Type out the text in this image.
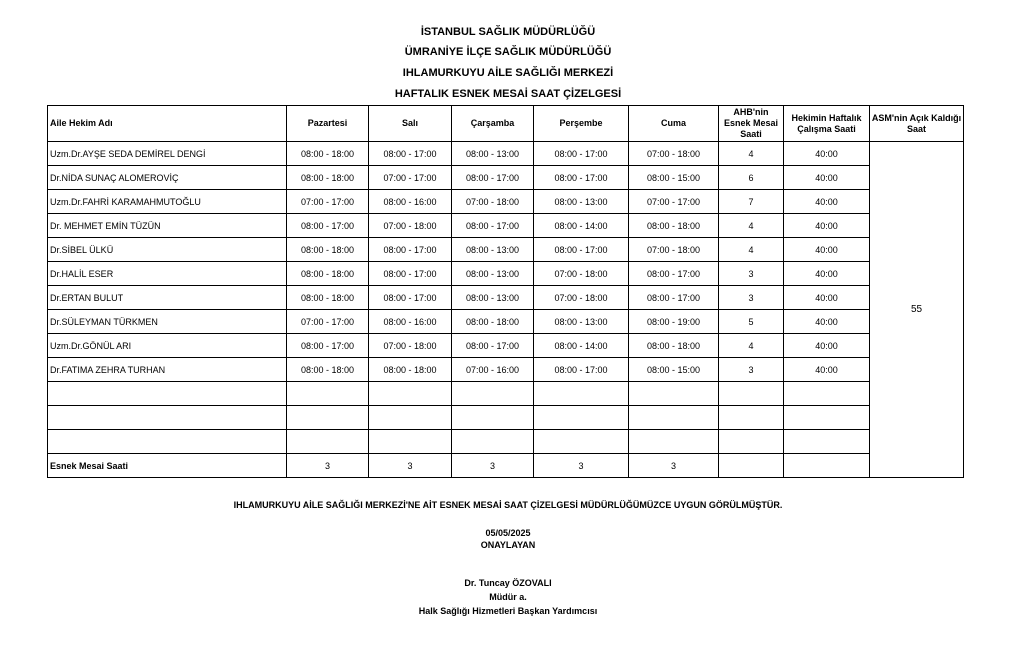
İSTANBUL SAĞLIK MÜDÜRLÜĞÜ
ÜMRANİYE İLÇE SAĞLIK MÜDÜRLÜĞÜ
IHLAMURKUYU AİLE SAĞLIĞI MERKEZİ
HAFTALIK ESNEK MESAİ SAAT ÇİZELGESİ
Aile Hekim Adı	Pazartesi	Salı	Çarşamba	Perşembe	Cuma	AHB'nin Esnek Mesai Saati	Hekimin Haftalık Çalışma Saati	ASM'nin Açık Kaldığı Saat
Uzm.Dr.AYŞE SEDA DEMİREL DENGİ	08:00 - 18:00	08:00 - 17:00	08:00 - 13:00	08:00 - 17:00	07:00 - 18:00	4	40:00	55
Dr.NİDA SUNAÇ ALOMEROVİÇ	08:00 - 18:00	07:00 - 17:00	08:00 - 17:00	08:00 - 17:00	08:00 - 15:00	6	40:00	
Uzm.Dr.FAHRİ KARAMAHMUTOĞLU	07:00 - 17:00	08:00 - 16:00	07:00 - 18:00	08:00 - 13:00	07:00 - 17:00	7	40:00	
Dr. MEHMET EMİN TÜZÜN	08:00 - 17:00	07:00 - 18:00	08:00 - 17:00	08:00 - 14:00	08:00 - 18:00	4	40:00	
Dr.SİBEL ÜLKÜ	08:00 - 18:00	08:00 - 17:00	08:00 - 13:00	08:00 - 17:00	07:00 - 18:00	4	40:00	
Dr.HALİL ESER	08:00 - 18:00	08:00 - 17:00	08:00 - 13:00	07:00 - 18:00	08:00 - 17:00	3	40:00	
Dr.ERTAN BULUT	08:00 - 18:00	08:00 - 17:00	08:00 - 13:00	07:00 - 18:00	08:00 - 17:00	3	40:00	
Dr.SÜLEYMAN TÜRKMEN	07:00 - 17:00	08:00 - 16:00	08:00 - 18:00	08:00 - 13:00	08:00 - 19:00	5	40:00	
Uzm.Dr.GÖNÜL ARI	08:00 - 17:00	07:00 - 18:00	08:00 - 17:00	08:00 - 14:00	08:00 - 18:00	4	40:00	
Dr.FATIMA ZEHRA TURHAN	08:00 - 18:00	08:00 - 18:00	07:00 - 16:00	08:00 - 17:00	08:00 - 15:00	3	40:00	

Esnek Mesai Saati	3	3	3	3	3			
IHLAMURKUYU AİLE SAĞLIĞI MERKEZİ'NE AİT ESNEK MESAİ SAAT ÇİZELGESİ MÜDÜRLÜĞÜMÜZCE UYGUN GÖRÜLMÜŞTÜR.
05/05/2025
ONAYLAYAN
Dr. Tuncay ÖZOVALI
Müdür a.
Halk Sağlığı Hizmetleri Başkan Yardımcısı
